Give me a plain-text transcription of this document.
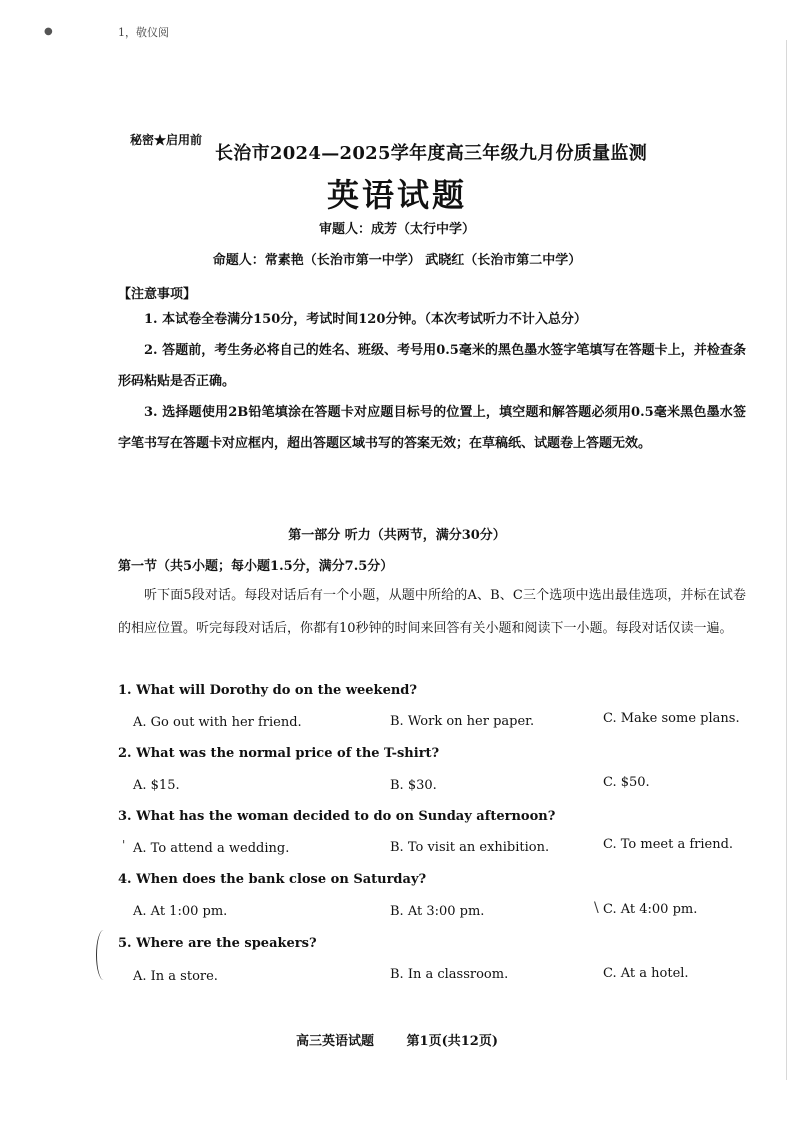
●	1，敬仪阅
秘密★启用前
长治市2024—2025学年度高三年级九月份质量监测
英语试题
审题人：成芳（太行中学）
命题人：常素艳（长治市第一中学） 武晓红（长治市第二中学）
【注意事项】
1. 本试卷全卷满分150分，考试时间120分钟。（本次考试听力不计入总分）
2. 答题前，考生务必将自己的姓名、班级、考号用0.5毫米的黑色墨水签字笔填写在答题卡上，并检查条形码粘贴是否正确。
3. 选择题使用2B铅笔填涂在答题卡对应题目标号的位置上，填空题和解答题必须用0.5毫米黑色墨水签字笔书写在答题卡对应框内，超出答题区域书写的答案无效；在草稿纸、试题卷上答题无效。
第一部分 听力（共两节，满分30分）
第一节（共5小题；每小题1.5分，满分7.5分）
听下面5段对话。每段对话后有一个小题，从题中所给的A、B、C三个选项中选出最佳选项，并标在试卷的相应位置。听完每段对话后，你都有10秒钟的时间来回答有关小题和阅读下一小题。每段对话仅读一遍。
1. What will Dorothy do on the weekend?
A. Go out with her friend.	B. Work on her paper.	C. Make some plans.
2. What was the normal price of the T-shirt?
A. $15.	B. $30.	C. $50.
3. What has the woman decided to do on Sunday afternoon?
' A. To attend a wedding.	B. To visit an exhibition.	C. To meet a friend.
4. When does the bank close on Saturday?
A. At 1:00 pm.	B. At 3:00 pm.	\ C. At 4:00 pm.
5. Where are the speakers?
A. In a store.	B. In a classroom.	C. At a hotel.
高三英语试题	第1页(共12页)
